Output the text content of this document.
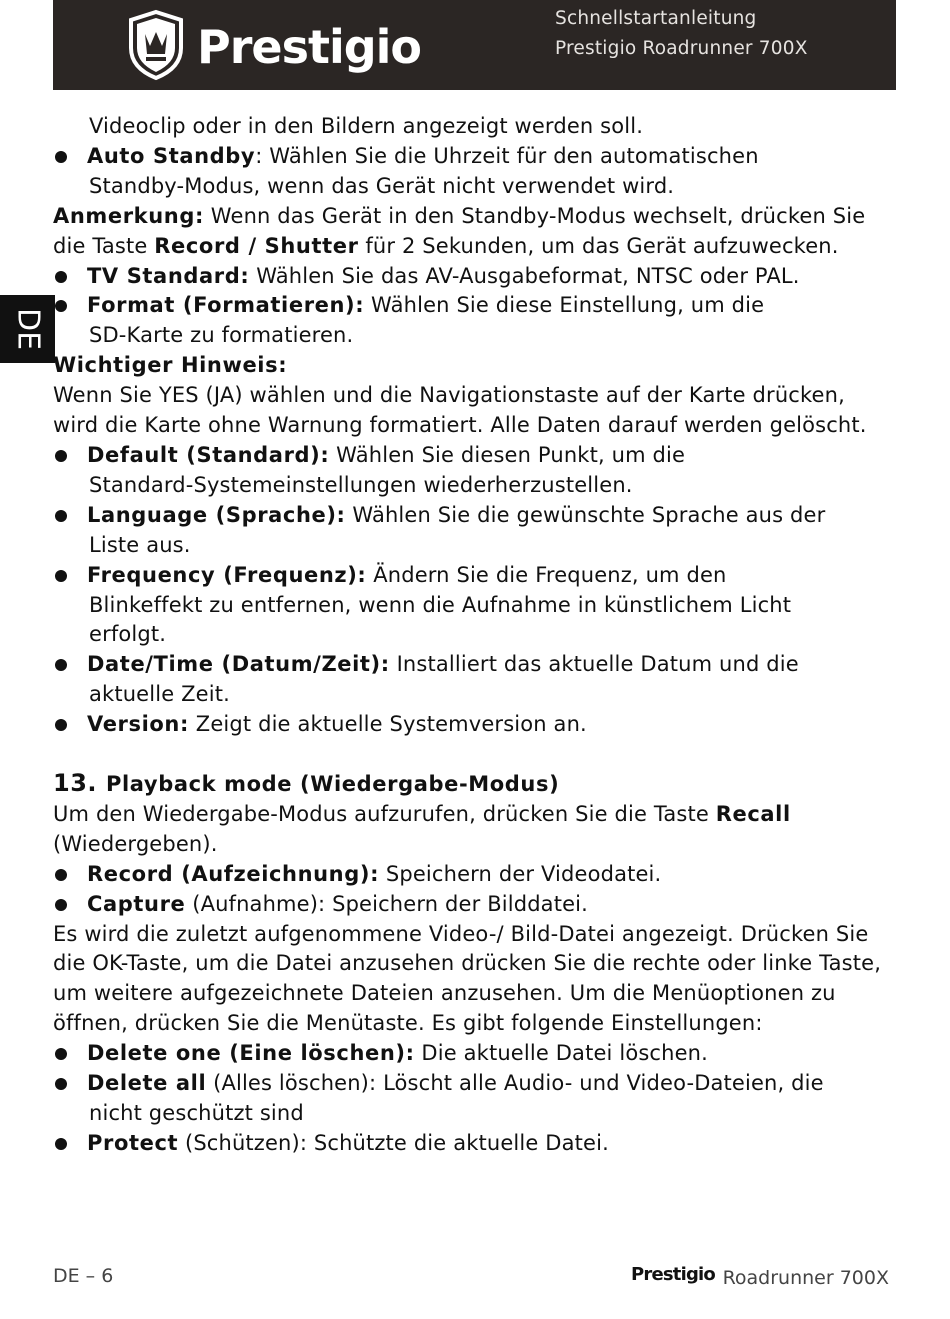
Prestigio
Schnellstartanleitung
Prestigio Roadrunner 700X
DE

Videoclip oder in den Bildern angezeigt werden soll.

Auto Standby: Wählen Sie die Uhrzeit für den automatischen
Standby-Modus, wenn das Gerät nicht verwendet wird.

Anmerkung: Wenn das Gerät in den Standby-Modus wechselt, drücken Sie die Taste Record / Shutter für 2 Sekunden, um das Gerät aufzuwecken.

TV Standard: Wählen Sie das AV-Ausgabeformat, NTSC oder PAL.
Format (Formatieren): Wählen Sie diese Einstellung, um die
SD-Karte zu formatieren.

Wichtiger Hinweis:

Wenn Sie YES (JA) wählen und die Navigationstaste auf der Karte drücken, wird die Karte ohne Warnung formatiert. Alle Daten darauf werden gelöscht.

Default (Standard): Wählen Sie diesen Punkt, um die
Standard-Systemeinstellungen wiederherzustellen.
Language (Sprache): Wählen Sie die gewünschte Sprache aus der
Liste aus.
Frequency (Frequenz): Ändern Sie die Frequenz, um den
Blinkeffekt zu entfernen, wenn die Aufnahme in künstlichem Licht
erfolgt.
Date/Time (Datum/Zeit): Installiert das aktuelle Datum und die
aktuelle Zeit.
Version: Zeigt die aktuelle Systemversion an.

13. Playback mode (Wiedergabe-Modus)

Um den Wiedergabe-Modus aufzurufen, drücken Sie die Taste Recall (Wiedergeben).

Record (Aufzeichnung): Speichern der Videodatei.
Capture (Aufnahme): Speichern der Bilddatei.

Es wird die zuletzt aufgenommene Video-/ Bild-Datei angezeigt. Drücken Sie die OK-Taste, um die Datei anzusehen drücken Sie die rechte oder linke Taste, um weitere aufgezeichnete Dateien anzusehen. Um die Menüoptionen zu öffnen, drücken Sie die Menütaste. Es gibt folgende Einstellungen:

Delete one (Eine löschen): Die aktuelle Datei löschen.
Delete all (Alles löschen): Löscht alle Audio- und Video-Dateien, die
nicht geschützt sind
Protect (Schützen): Schützte die aktuelle Datei.
DE – 6	Prestigio Roadrunner 700X
